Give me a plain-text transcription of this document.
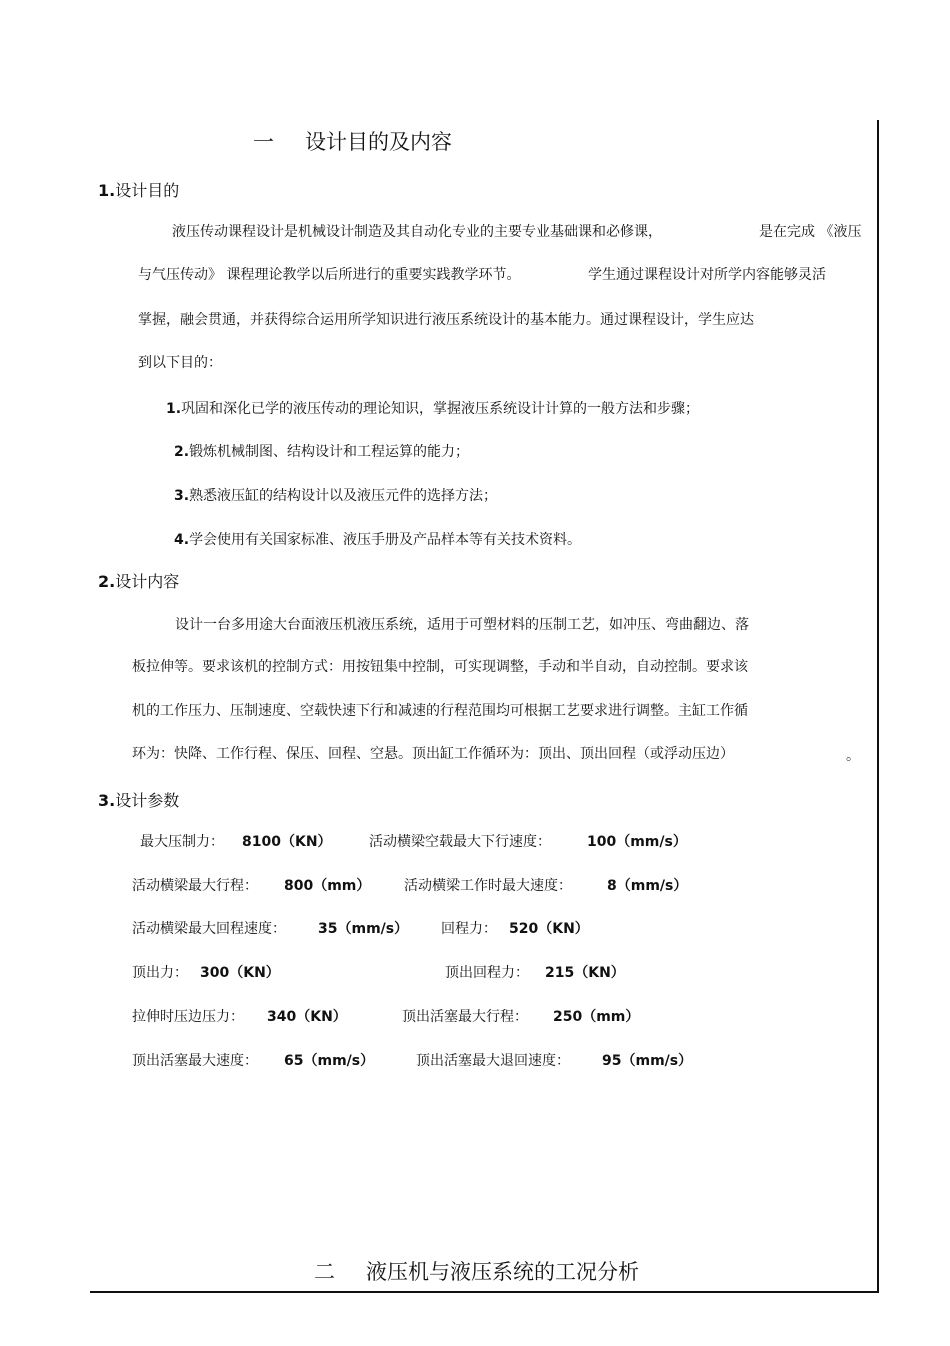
一 设计目的及内容
1.设计目的
液压传动课程设计是机械设计制造及其自动化专业的主要专业基础课和必修课，	是在完成 《液压
与气压传动》 课程理论教学以后所进行的重要实践教学环节。	学生通过课程设计对所学内容能够灵活
掌握，融会贯通，并获得综合运用所学知识进行液压系统设计的基本能力。通过课程设计，学生应达
到以下目的：
1.巩固和深化已学的液压传动的理论知识，掌握液压系统设计计算的一般方法和步骤；
2.锻炼机械制图、结构设计和工程运算的能力；
3.熟悉液压缸的结构设计以及液压元件的选择方法；
4.学会使用有关国家标准、液压手册及产品样本等有关技术资料。
2.设计内容
设计一台多用途大台面液压机液压系统，适用于可塑材料的压制工艺，如冲压、弯曲翻边、落
板拉伸等。要求该机的控制方式：用按钮集中控制，可实现调整，手动和半自动，自动控制。要求该
机的工作压力、压制速度、空载快速下行和减速的行程范围均可根据工艺要求进行调整。主缸工作循
环为：快降、工作行程、保压、回程、空悬。顶出缸工作循环为：顶出、顶出回程（或浮动压边）	。
3.设计参数
最大压制力： 8100（KN）	活动横梁空载最大下行速度：	100（mm/s）
活动横梁最大行程： 800（mm） 活动横梁工作时最大速度：	8（mm/s）
活动横梁最大回程速度： 35（mm/s） 回程力： 520（KN）
顶出力： 300（KN）	顶出回程力： 215（KN）
拉伸时压边压力： 340（KN）	顶出活塞最大行程： 250（mm）
顶出活塞最大速度： 65（mm/s）	顶出活塞最大退回速度： 95（mm/s）
二 液压机与液压系统的工况分析
